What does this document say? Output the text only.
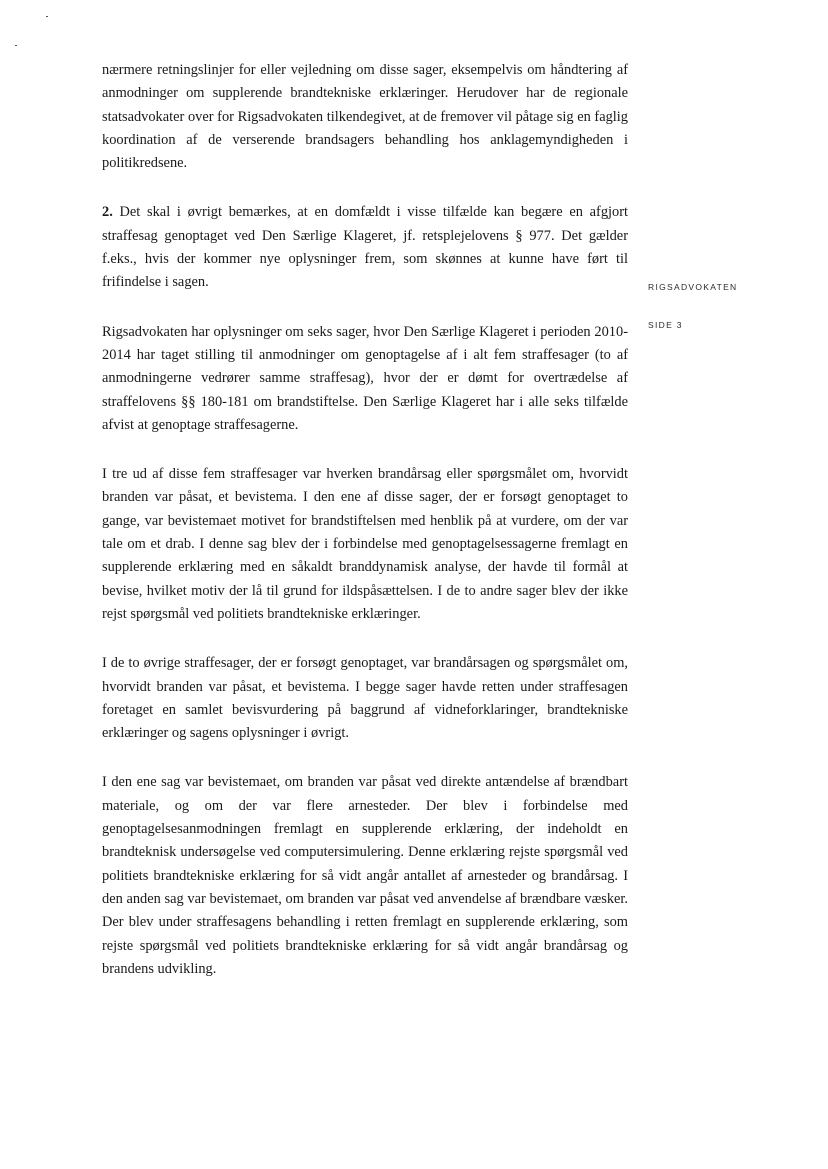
nærmere retningslinjer for eller vejledning om disse sager, eksempelvis om håndtering af anmodninger om supplerende brandtekniske erklæringer. Herudover har de regionale statsadvokater over for Rigsadvokaten tilkendegivet, at de fremover vil påtage sig en faglig koordination af de verserende brandsagers behandling hos anklagemyndigheden i politikredsene.

2. Det skal i øvrigt bemærkes, at en domfældt i visse tilfælde kan begære en afgjort straffesag genoptaget ved Den Særlige Klageret, jf. retsplejelovens § 977. Det gælder f.eks., hvis der kommer nye oplysninger frem, som skønnes at kunne have ført til frifindelse i sagen.

Rigsadvokaten har oplysninger om seks sager, hvor Den Særlige Klageret i perioden 2010-2014 har taget stilling til anmodninger om genoptagelse af i alt fem straffesager (to af anmodningerne vedrører samme straffesag), hvor der er dømt for overtrædelse af straffelovens §§ 180-181 om brandstiftelse. Den Særlige Klageret har i alle seks tilfælde afvist at genoptage straffesagerne.

I tre ud af disse fem straffesager var hverken brandårsag eller spørgsmålet om, hvorvidt branden var påsat, et bevistema. I den ene af disse sager, der er forsøgt genoptaget to gange, var bevistemaet motivet for brandstiftelsen med henblik på at vurdere, om der var tale om et drab. I denne sag blev der i forbindelse med genoptagelsessagerne fremlagt en supplerende erklæring med en såkaldt branddynamisk analyse, der havde til formål at bevise, hvilket motiv der lå til grund for ildspåsættelsen. I de to andre sager blev der ikke rejst spørgsmål ved politiets brandtekniske erklæringer.

I de to øvrige straffesager, der er forsøgt genoptaget, var brandårsagen og spørgsmålet om, hvorvidt branden var påsat, et bevistema. I begge sager havde retten under straffesagen foretaget en samlet bevisvurdering på baggrund af vidneforklaringer, brandtekniske erklæringer og sagens oplysninger i øvrigt.

I den ene sag var bevistemaet, om branden var påsat ved direkte antændelse af brændbart materiale, og om der var flere arnesteder. Der blev i forbindelse med genoptagelsesanmodningen fremlagt en supplerende erklæring, der indeholdt en brandteknisk undersøgelse ved computersimulering. Denne erklæring rejste spørgsmål ved politiets brandtekniske erklæring for så vidt angår antallet af arnesteder og brandårsag. I den anden sag var bevistemaet, om branden var påsat ved anvendelse af brændbare væsker. Der blev under straffesagens behandling i retten fremlagt en supplerende erklæring, som rejste spørgsmål ved politiets brandtekniske erklæring for så vidt angår brandårsag og brandens udvikling.

RIGSADVOKATEN
SIDE 3
